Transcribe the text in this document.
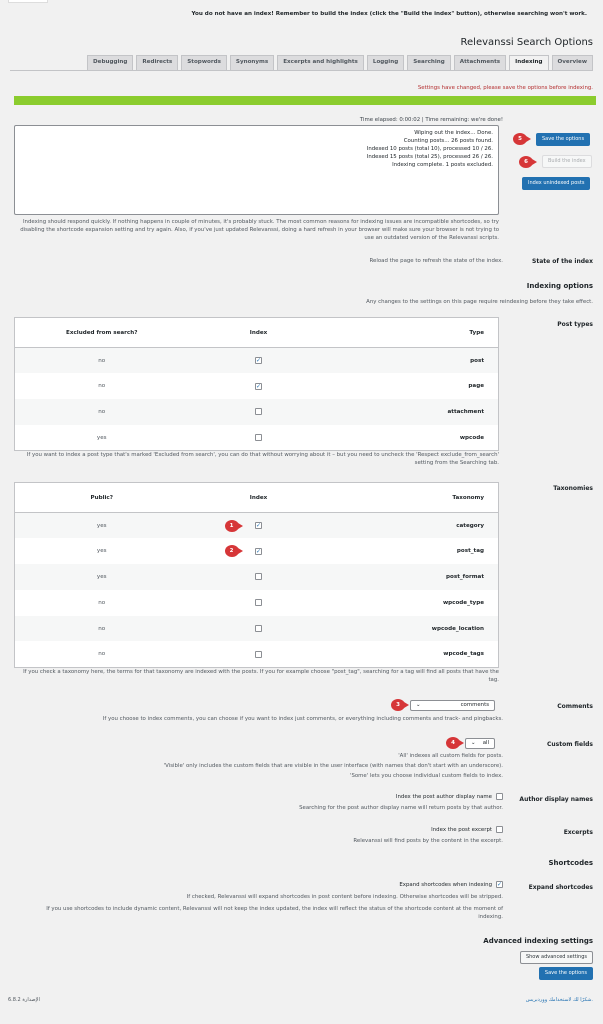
You do not have an index! Remember to build the index (click the "Build the index" button), otherwise searching won't work.
Relevanssi Search Options
Overview
Indexing
Attachments
Searching
Logging
Excerpts and highlights
Synonyms
Stopwords
Redirects
Debugging
Settings have changed, please save the options before indexing.
Time elapsed: 0:00:02 | Time remaining: we're done!
Wiping out the index... Done.
Counting posts... 26 posts found.
Indexed 10 posts (total 10), processed 10 / 26.
Indexed 15 posts (total 25), processed 26 / 26.
Indexing complete. 1 posts excluded.
5	Save the options
6	Build the index
Index unindexed posts
Indexing should respond quickly. If nothing happens in couple of minutes, it's probably stuck. The most common reasons for indexing issues are incompatible shortcodes, so try disabling the shortcode expansion setting and try again. Also, if you've just updated Relevanssi, doing a hard refresh in your browser will make sure your browser is not trying to use an outdated version of the Relevanssi scripts.
State of the index
Reload the page to refresh the state of the index.
Indexing options
Any changes to the settings on this page require reindexing before they take effect.
Post types
Excluded from search?	Index	Type
no	✓	post
no	✓	page
no		attachment
yes		wpcode
If you want to index a post type that's marked 'Excluded from search', you can do that without worrying about it – but you need to uncheck the 'Respect exclude_from_search' setting from the Searching tab.
Taxonomies
Public?	Index	Taxonomy
yes	1 ✓	category
yes	2 ✓	post_tag
yes		post_format
no		wpcode_type
no		wpcode_location
no		wpcode_tags
If you check a taxonomy here, the terms for that taxonomy are indexed with the posts. If you for example choose "post_tag", searching for a tag will find all posts that have the tag.
Comments
3	⌄	comments
If you choose to index comments, you can choose if you want to index just comments, or everything including comments and track- and pingbacks.
Custom fields
4	⌄ all
'All' indexes all custom fields for posts.
'Visible' only includes the custom fields that are visible in the user interface (with names that don't start with an underscore).
'Some' lets you choose individual custom fields to index.
Author display names
Index the post author display name
Searching for the post author display name will return posts by that author.
Excerpts
Index the post excerpt
Relevanssi will find posts by the content in the excerpt.
Shortcodes
Expand shortcodes
Expand shortcodes when indexing ✓
If checked, Relevanssi will expand shortcodes in post content before indexing. Otherwise shortcodes will be stripped.
If you use shortcodes to include dynamic content, Relevanssi will not keep the index updated, the index will reflect the status of the shortcode content at the moment of indexing.
Advanced indexing settings
Show advanced settings
Save the options
الإصدارة 6.8.2	شكرًا لك لاستخدامك ووردبريس.
